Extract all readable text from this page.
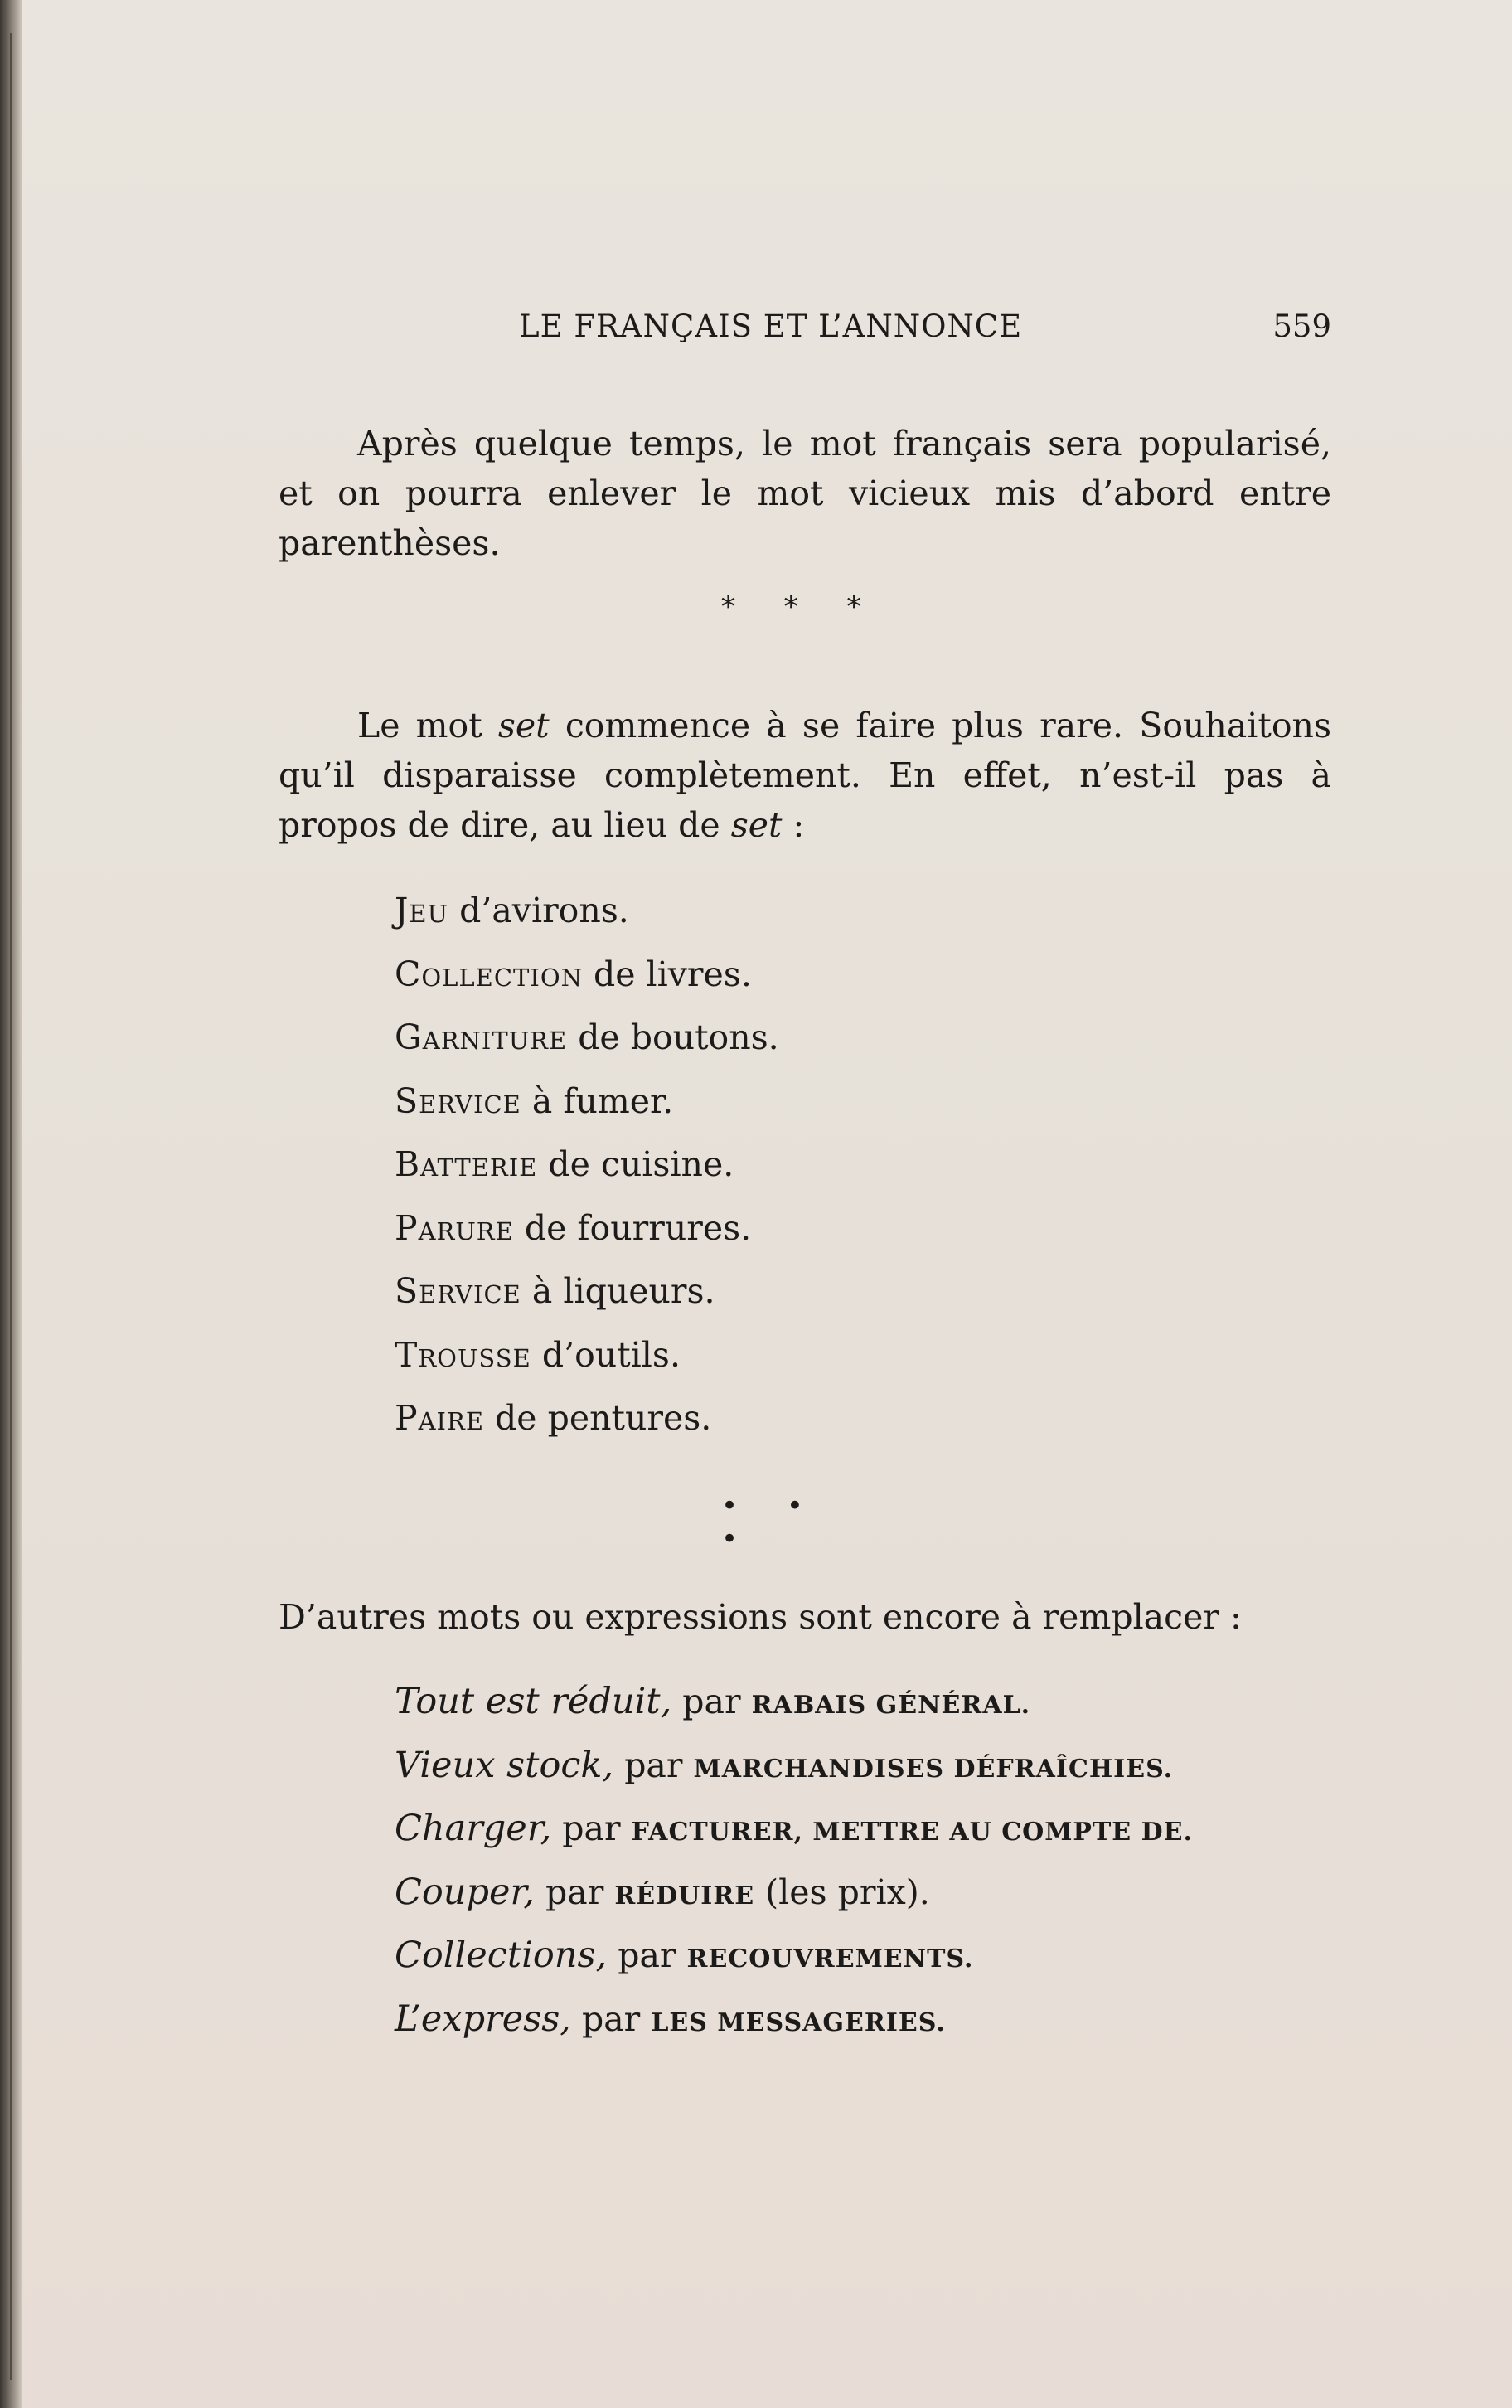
LE FRANÇAIS ET L’ANNONCE	559

Après quelque temps, le mot français sera popularisé, et on pourra enlever le mot vicieux mis d’abord entre parenthèses.

* * *

Le mot set commence à se faire plus rare. Souhaitons qu’il disparaisse complètement. En effet, n’est-il pas à propos de dire, au lieu de set :

Jeu d’avirons.
Collection de livres.
Garniture de boutons.
Service à fumer.
Batterie de cuisine.
Parure de fourrures.
Service à liqueurs.
Trousse d’outils.
Paire de pentures.
• • •

D’autres mots ou expressions sont encore à remplacer :

Tout est réduit, par RABAIS GÉNÉRAL.
Vieux stock, par MARCHANDISES DÉFRAÎCHIES.
Charger, par FACTURER, METTRE AU COMPTE DE.
Couper, par RÉDUIRE (les prix).
Collections, par RECOUVREMENTS.
L’express, par LES MESSAGERIES.
